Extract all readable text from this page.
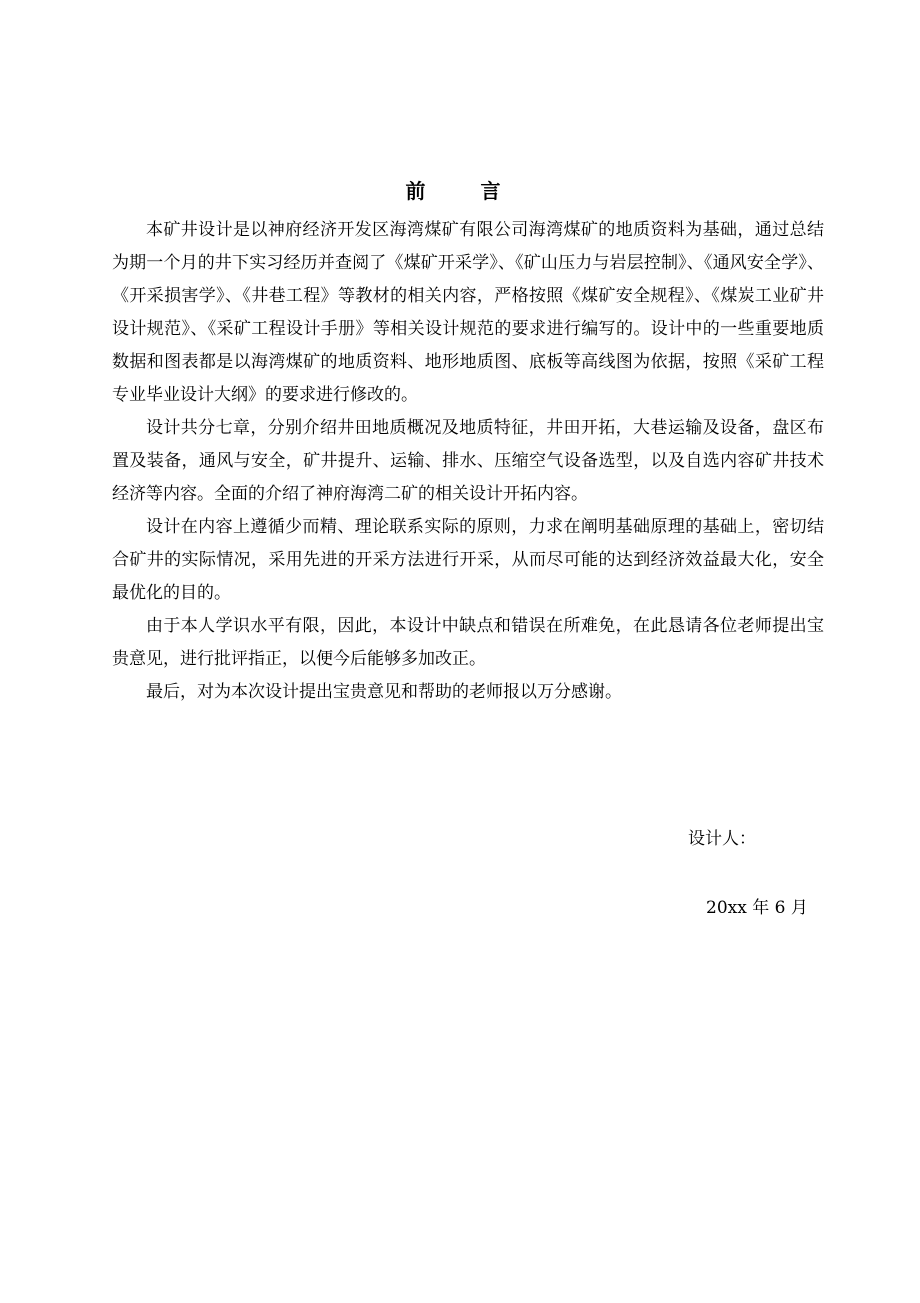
前 言

本矿井设计是以神府经济开发区海湾煤矿有限公司海湾煤矿的地质资料为基础，通过总结为期一个月的井下实习经历并查阅了《煤矿开采学》、《矿山压力与岩层控制》、《通风安全学》、《开采损害学》、《井巷工程》等教材的相关内容，严格按照《煤矿安全规程》、《煤炭工业矿井设计规范》、《采矿工程设计手册》等相关设计规范的要求进行编写的。设计中的一些重要地质数据和图表都是以海湾煤矿的地质资料、地形地质图、底板等高线图为依据，按照《采矿工程专业毕业设计大纲》的要求进行修改的。

设计共分七章，分别介绍井田地质概况及地质特征，井田开拓，大巷运输及设备，盘区布置及装备，通风与安全，矿井提升、运输、排水、压缩空气设备选型，以及自选内容矿井技术经济等内容。全面的介绍了神府海湾二矿的相关设计开拓内容。

设计在内容上遵循少而精、理论联系实际的原则，力求在阐明基础原理的基础上，密切结合矿井的实际情况，采用先进的开采方法进行开采，从而尽可能的达到经济效益最大化，安全最优化的目的。

由于本人学识水平有限，因此，本设计中缺点和错误在所难免，在此恳请各位老师提出宝贵意见，进行批评指正，以便今后能够多加改正。

最后，对为本次设计提出宝贵意见和帮助的老师报以万分感谢。

设计人：
20xx 年 6 月
